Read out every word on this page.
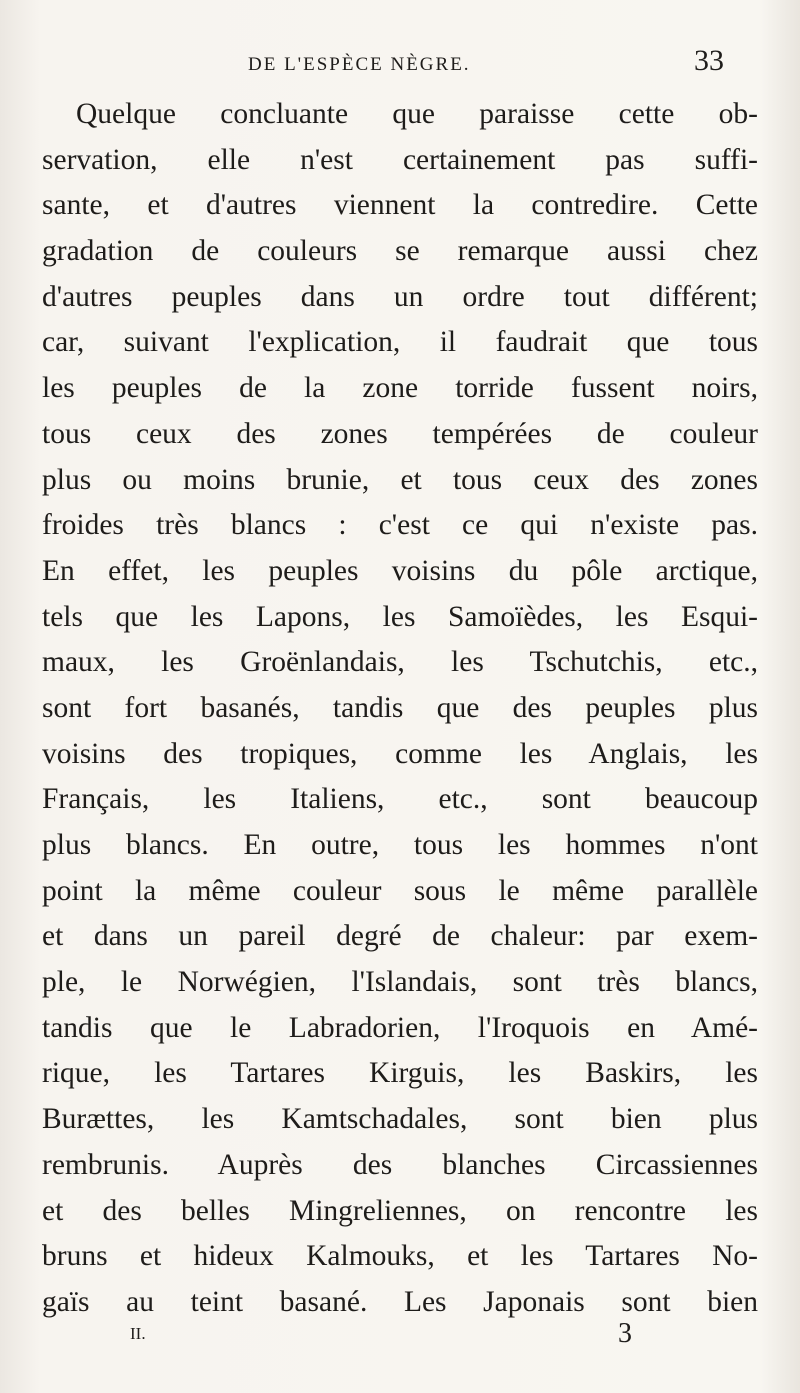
DE L'ESPÈCE NÈGRE.	33
Quelque concluante que paraisse cette ob-
servation, elle n'est certainement pas suffi-
sante, et d'autres viennent la contredire. Cette
gradation de couleurs se remarque aussi chez
d'autres peuples dans un ordre tout différent;
car, suivant l'explication, il faudrait que tous
les peuples de la zone torride fussent noirs,
tous ceux des zones tempérées de couleur
plus ou moins brunie, et tous ceux des zones
froides très blancs : c'est ce qui n'existe pas.
En effet, les peuples voisins du pôle arctique,
tels que les Lapons, les Samoïèdes, les Esqui-
maux, les Groënlandais, les Tschutchis, etc.,
sont fort basanés, tandis que des peuples plus
voisins des tropiques, comme les Anglais, les
Français, les Italiens, etc., sont beaucoup
plus blancs. En outre, tous les hommes n'ont
point la même couleur sous le même parallèle
et dans un pareil degré de chaleur: par exem-
ple, le Norwégien, l'Islandais, sont très blancs,
tandis que le Labradorien, l'Iroquois en Amé-
rique, les Tartares Kirguis, les Baskirs, les
Burættes, les Kamtschadales, sont bien plus
rembrunis. Auprès des blanches Circassiennes
et des belles Mingreliennes, on rencontre les
bruns et hideux Kalmouks, et les Tartares No-
gaïs au teint basané. Les Japonais sont bien
II.	3
